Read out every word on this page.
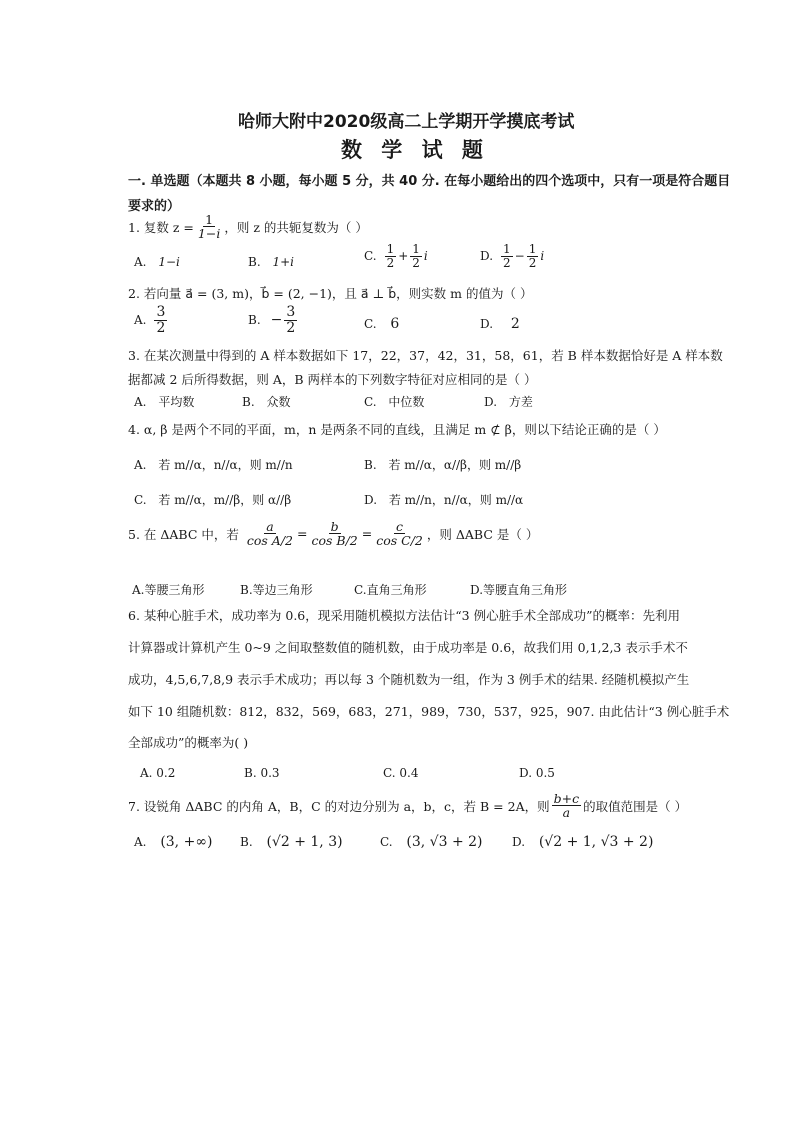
哈师大附中2020级高二上学期开学摸底考试
数 学 试 题
一. 单选题（本题共 8 小题，每小题 5 分，共 40 分. 在每小题给出的四个选项中，只有一项是符合题目
要求的）
1. 复数 $z = \frac{1}{1-i}$ ，则 z 的共轭复数为（ ）
A. 1−i	B. 1+i	C. $\frac{1}{2} + \frac{1}{2}$ i	D. $\frac{1}{2} - \frac{1}{2}$ i
2. 若向量 a⃗ = (3, m)，b⃗ = (2, −1)，且 a⃗ ⊥ b⃗，则实数 m 的值为（ ）
A. $\frac{3}{2}$	B. − $\frac{3}{2}$	C. 6	D. 2
3. 在某次测量中得到的 A 样本数据如下 17，22，37，42，31，58，61，若 B 样本数据恰好是 A 样本数
据都减 2 后所得数据，则 A，B 两样本的下列数字特征对应相同的是（ ）
A. 平均数	B. 众数	C. 中位数	D. 方差
4. α, β 是两个不同的平面，m，n 是两条不同的直线，且满足 m ⊄ β，则以下结论正确的是（ ）
A. 若 m//α，n//α，则 m//n	B. 若 m//α，α//β，则 m//β
C. 若 m//α，m//β，则 α//β	D. 若 m//n，n//α，则 m//α
5. 在 ΔABC 中，若 $\frac{a}{\text{cos A/2}} = \frac{b}{\text{cos B/2}} = \frac{c}{\text{cos C/2}}$ ，则 ΔABC 是（ ）
A.等腰三角形	B.等边三角形	C.直角三角形	D.等腰直角三角形
6. 某种心脏手术，成功率为 0.6，现采用随机模拟方法估计“3 例心脏手术全部成功”的概率：先利用
计算器或计算机产生 0~9 之间取整数值的随机数，由于成功率是 0.6，故我们用 0,1,2,3 表示手术不
成功，4,5,6,7,8,9 表示手术成功；再以每 3 个随机数为一组，作为 3 例手术的结果. 经随机模拟产生
如下 10 组随机数：812，832，569，683，271，989，730，537，925，907. 由此估计“3 例心脏手术
全部成功”的概率为( )
A. 0.2	B. 0.3	C. 0.4	D. 0.5
7. 设锐角 ΔABC 的内角 A，B，C 的对边分别为 a，b，c，若 B = 2A，则 $\frac{b+c}{a}$ 的取值范围是（ ）
A. (3, +∞) B. (√2 + 1, 3)	C. (3, √3 + 2) D. (√2 + 1, √3 + 2)
